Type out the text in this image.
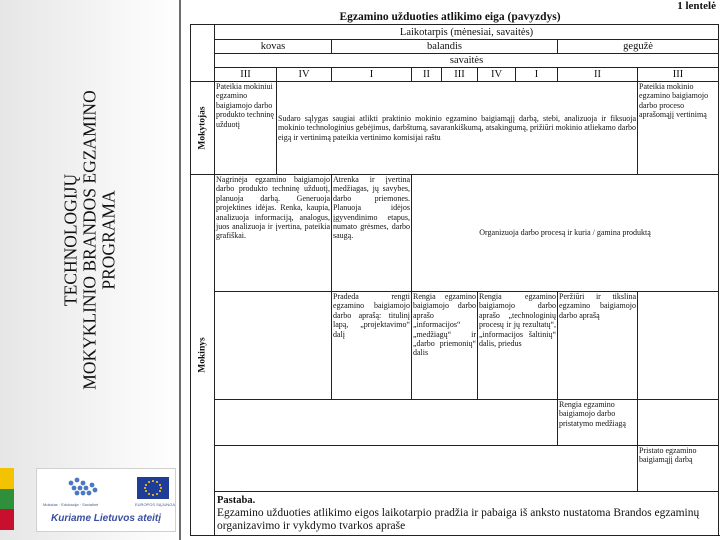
TECHNOLOGIJŲ MOKYKLINIO BRANDOS EGZAMINO PROGRAMA
Mokslas · Edukacija · Socialinė	EUROPOS SĄJUNGA
Kuriame Lietuvos ateitį
1 lentelė
Egzamino užduoties atlikimo eiga (pavyzdys)
	Laikotarpis (mėnesiai, savaitės)								
	kovas		balandis					gegužė	
	savaitės								
	III	IV	I	II	III	IV	I	II	III

Mokytojas	Pateikia mokiniui egzamino baigiamojo darbo produkto techninę užduotį	Sudaro sąlygas saugiai atlikti praktinio mokinio egzamino baigiamąjį darbą, stebi, analizuoja ir fiksuoja mokinio technologinius gebėjimus, darbštumą, savarankiškumą, atsakingumą, prižiūri mokinio atliekamo darbo eigą ir vertinimą pateikia vertinimo komisijai raštu							Pateikia mokinio egzamino baigiamojo darbo proceso aprašomąjį vertinimą

Mokinys	Nagrinėja egzamino baigiamojo darbo produkto techninę užduotį, planuoja darbą. Generuoja projektines idėjas. Renka, kaupia, analizuoja informaciją, analogus, juos analizuoja ir įvertina, pateikia grafiškai.		Atrenka ir įvertina medžiagas, jų savybes, darbo priemones. Planuoja idėjos įgyvendinimo etapus, numato grėsmes, darbo saugą.	Organizuoja darbo procesą ir kuria / gamina produktą					
			Pradeda rengti egzamino baigiamojo darbo aprašą: titulinį lapą, „projektavimo“ dalį	Rengia egzamino baigiamojo darbo aprašo „informacijos“ „medžiagų“ ir „darbo priemonių“ dalis		Rengia egzamino baigiamojo darbo aprašo „technologinių procesų ir jų rezultatų“, „informacijos šaltinių“ dalis, priedus		Peržiūri ir tikslina egzamino baigiamojo darbo aprašą	
								Rengia egzamino baigiamojo darbo pristatymo medžiagą	
									Pristato egzamino baigiamąjį darbą

	Pastaba.
Egzamino užduoties atlikimo eigos laikotarpio pradžia ir pabaiga iš anksto nustatoma Brandos egzaminų organizavimo ir vykdymo tvarkos apraše								
